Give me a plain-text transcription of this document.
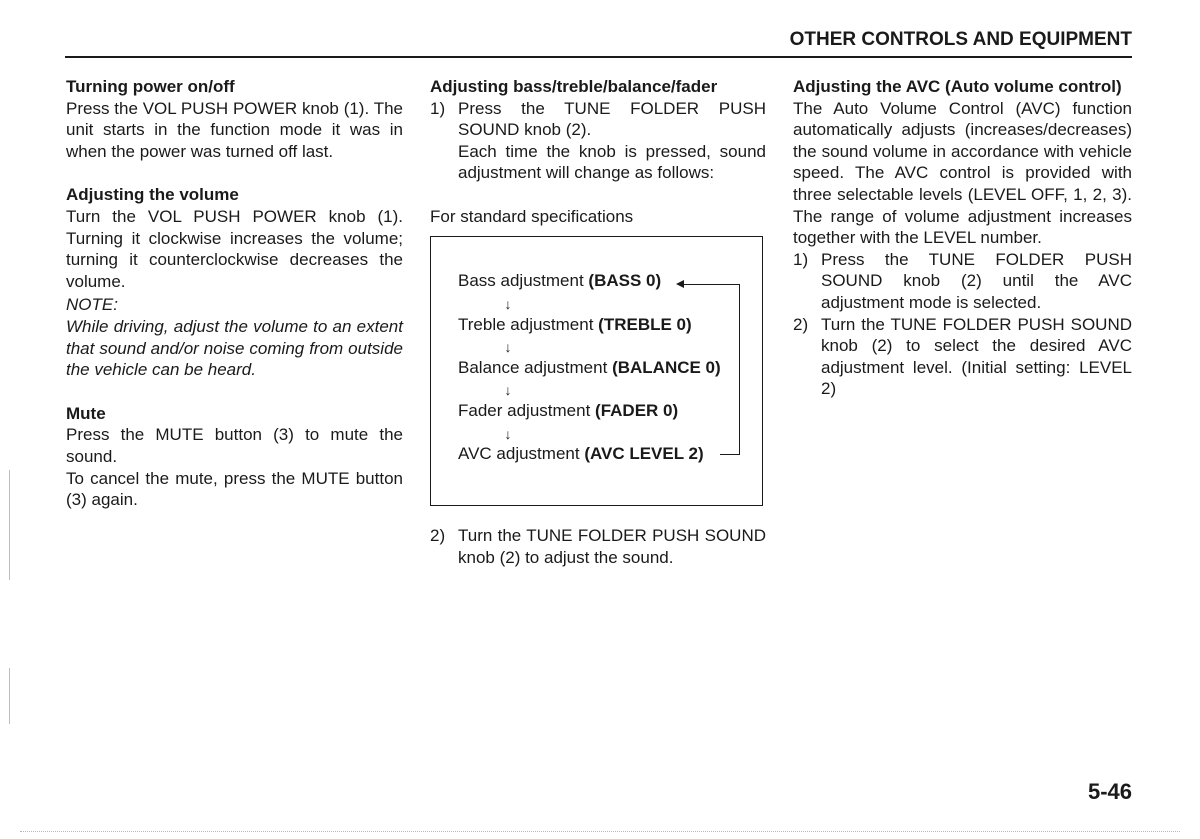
OTHER CONTROLS AND EQUIPMENT
Turning power on/off

Press the VOL PUSH POWER knob (1). The unit starts in the function mode it was in when the power was turned off last.

Adjusting the volume

Turn the VOL PUSH POWER knob (1). Turning it clockwise increases the volume; turning it counterclockwise decreases the volume.

NOTE:

While driving, adjust the volume to an extent that sound and/or noise coming from outside the vehicle can be heard.

Mute

Press the MUTE button (3) to mute the sound.

To cancel the mute, press the MUTE button (3) again.

Adjusting bass/treble/balance/fader
1) Press the TUNE FOLDER PUSH SOUND knob (2).

Each time the knob is pressed, sound adjustment will change as follows:

For standard specifications

Bass adjustment (BASS 0)
↓
Treble adjustment (TREBLE 0)
↓
Balance adjustment (BALANCE 0)
↓
Fader adjustment (FADER 0)
↓
AVC adjustment (AVC LEVEL 2)
2) Turn the TUNE FOLDER PUSH SOUND knob (2) to adjust the sound.
Adjusting the AVC (Auto volume control)

The Auto Volume Control (AVC) function automatically adjusts (increases/decreases) the sound volume in accordance with vehicle speed. The AVC control is provided with three selectable levels (LEVEL OFF, 1, 2, 3). The range of volume adjustment increases together with the LEVEL number.

1) Press the TUNE FOLDER PUSH SOUND knob (2) until the AVC adjustment mode is selected.
2) Turn the TUNE FOLDER PUSH SOUND knob (2) to select the desired AVC adjustment level. (Initial setting: LEVEL 2)
5-46
